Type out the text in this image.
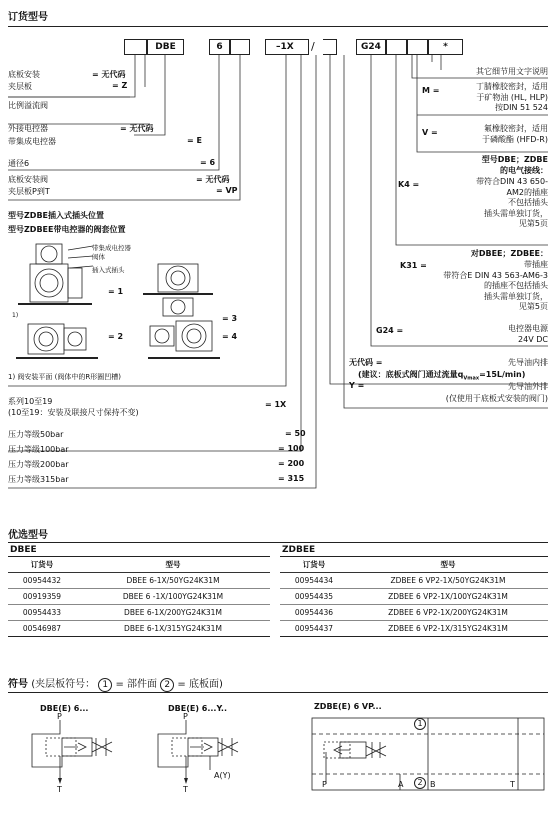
订货型号
DBE	6	–1X	/	G24	*
底板安装	= 无代码
夹层板	= Z
比例溢流阀
外接电控器	= 无代码
带集成电控器	= E
通径6	= 6
底板安装阀	= 无代码
夹层板P到T	= VP
型号ZDBE插入式插头位置
型号ZDBEE带电控器的阀套位置
带集成电控器
阀体
插入式插头
= 1
= 2
= 3
= 4
1)
1) 阀安装平面 (阀体中的R形圈凹槽)
系列10至19
(10至19：安装及联接尺寸保持不变)
= 1X
压力等级50bar	= 50
压力等级100bar	= 100
压力等级200bar	= 200
压力等级315bar	= 315
其它细节用文字说明
M =	丁腈橡胶密封，适用
于矿物油 (HL, HLP)
按DIN 51 524
V =	氟橡胶密封，适用
于磷酸酯 (HFD-R)
型号DBE；ZDBE
的电气接线：
K4 =	带符合DIN 43 650-
AM2的插座
不包括插头
插头需单独订货，
见第5页
对DBEE；ZDBEE：
K31 =	带插座
带符合E DIN 43 563-AM6-3
的插座不包括插头
插头需单独订货，
见第5页
G24 =	电控器电源
24V DC
无代码 =	先导油内排
(建议：底板式阀门通过流量$q_{Vmax}=15L/\min$)
Y =	先导油外排
(仅使用于底板式安装的阀门)
优选型号
DBEE	ZDBEE
订货号	型号
00954432	DBEE 6-1X/50YG24K31M
00919359	DBEE 6 -1X/100YG24K31M
00954433	DBEE 6-1X/200YG24K31M
00546987	DBEE 6-1X/315YG24K31M
订货号	型号
00954434	ZDBEE 6 VP2-1X/50YG24K31M
00954435	ZDBEE 6 VP2-1X/100YG24K31M
00954436	ZDBEE 6 VP2-1X/200YG24K31M
00954437	ZDBEE 6 VP2-1X/315YG24K31M
符号 (夹层板符号： 1 = 部件面 2 = 底板面)
DBE(E) 6...	DBE(E) 6...Y..	ZDBE(E) 6 VP...
P
T
P
T
A(Y)
P	A	B	T
1
2
